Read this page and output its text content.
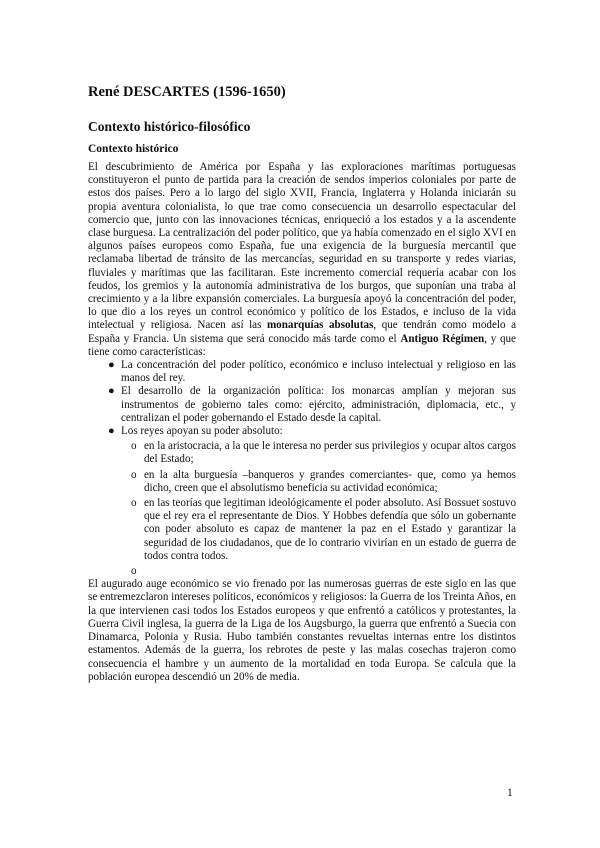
René DESCARTES (1596-1650)
Contexto histórico-filosófico
Contexto histórico

El descubrimiento de América por España y las exploraciones marítimas portuguesas constituyeron el punto de partida para la creación de sendos imperios coloniales por parte de estos dos países. Pero a lo largo del siglo XVII, Francia, Inglaterra y Holanda iniciarán su propia aventura colonialista, lo que trae como consecuencia un desarrollo espectacular del comercio que, junto con las innovaciones técnicas, enriqueció a los estados y a la ascendente clase burguesa. La centralización del poder político, que ya había comenzado en el siglo XVI en algunos países europeos como España, fue una exigencia de la burguesía mercantil que reclamaba libertad de tránsito de las mercancías, seguridad en su transporte y redes viarias, fluviales y marítimas que las facilitaran. Este incremento comercial requería acabar con los feudos, los gremios y la autonomía administrativa de los burgos, que suponían una traba al crecimiento y a la libre expansión comerciales. La burguesía apoyó la concentración del poder, lo que dio a los reyes un control económico y político de los Estados, e incluso de la vida intelectual y religiosa. Nacen así las monarquías absolutas, que tendrán como modelo a España y Francia. Un sistema que será conocido más tarde como el Antiguo Régimen, y que tiene como características:

● La concentración del poder político, económico e incluso intelectual y religioso en las manos del rey.
● El desarrollo de la organización política: los monarcas amplían y mejoran sus instrumentos de gobierno tales como: ejército, administración, diplomacia, etc., y centralizan el poder gobernando el Estado desde la capital.
● Los reyes apoyan su poder absoluto:
o en la aristocracia, a la que le interesa no perder sus privilegios y ocupar altos cargos del Estado;
o en la alta burguesía –banqueros y grandes comerciantes- que, como ya hemos dicho, creen que el absolutismo beneficia su actividad económica;
o en las teorías que legitiman ideológicamente el poder absoluto. Así Bossuet sostuvo que el rey era el representante de Dios. Y Hobbes defendía que sólo un gobernante con poder absoluto es capaz de mantener la paz en el Estado y garantizar la seguridad de los ciudadanos, que de lo contrario vivirían en un estado de guerra de todos contra todos.
o

El augurado auge económico se vio frenado por las numerosas guerras de este siglo en las que se entremezclaron intereses políticos, económicos y religiosos: la Guerra de los Treinta Años, en la que intervienen casi todos los Estados europeos y que enfrentó a católicos y protestantes, la Guerra Civil inglesa, la guerra de la Liga de los Augsburgo, la guerra que enfrentó a Suecia con Dinamarca, Polonia y Rusia. Hubo también constantes revueltas internas entre los distintos estamentos. Además de la guerra, los rebrotes de peste y las malas cosechas trajeron como consecuencia el hambre y un aumento de la mortalidad en toda Europa. Se calcula que la población europea descendió un 20% de media.

1
